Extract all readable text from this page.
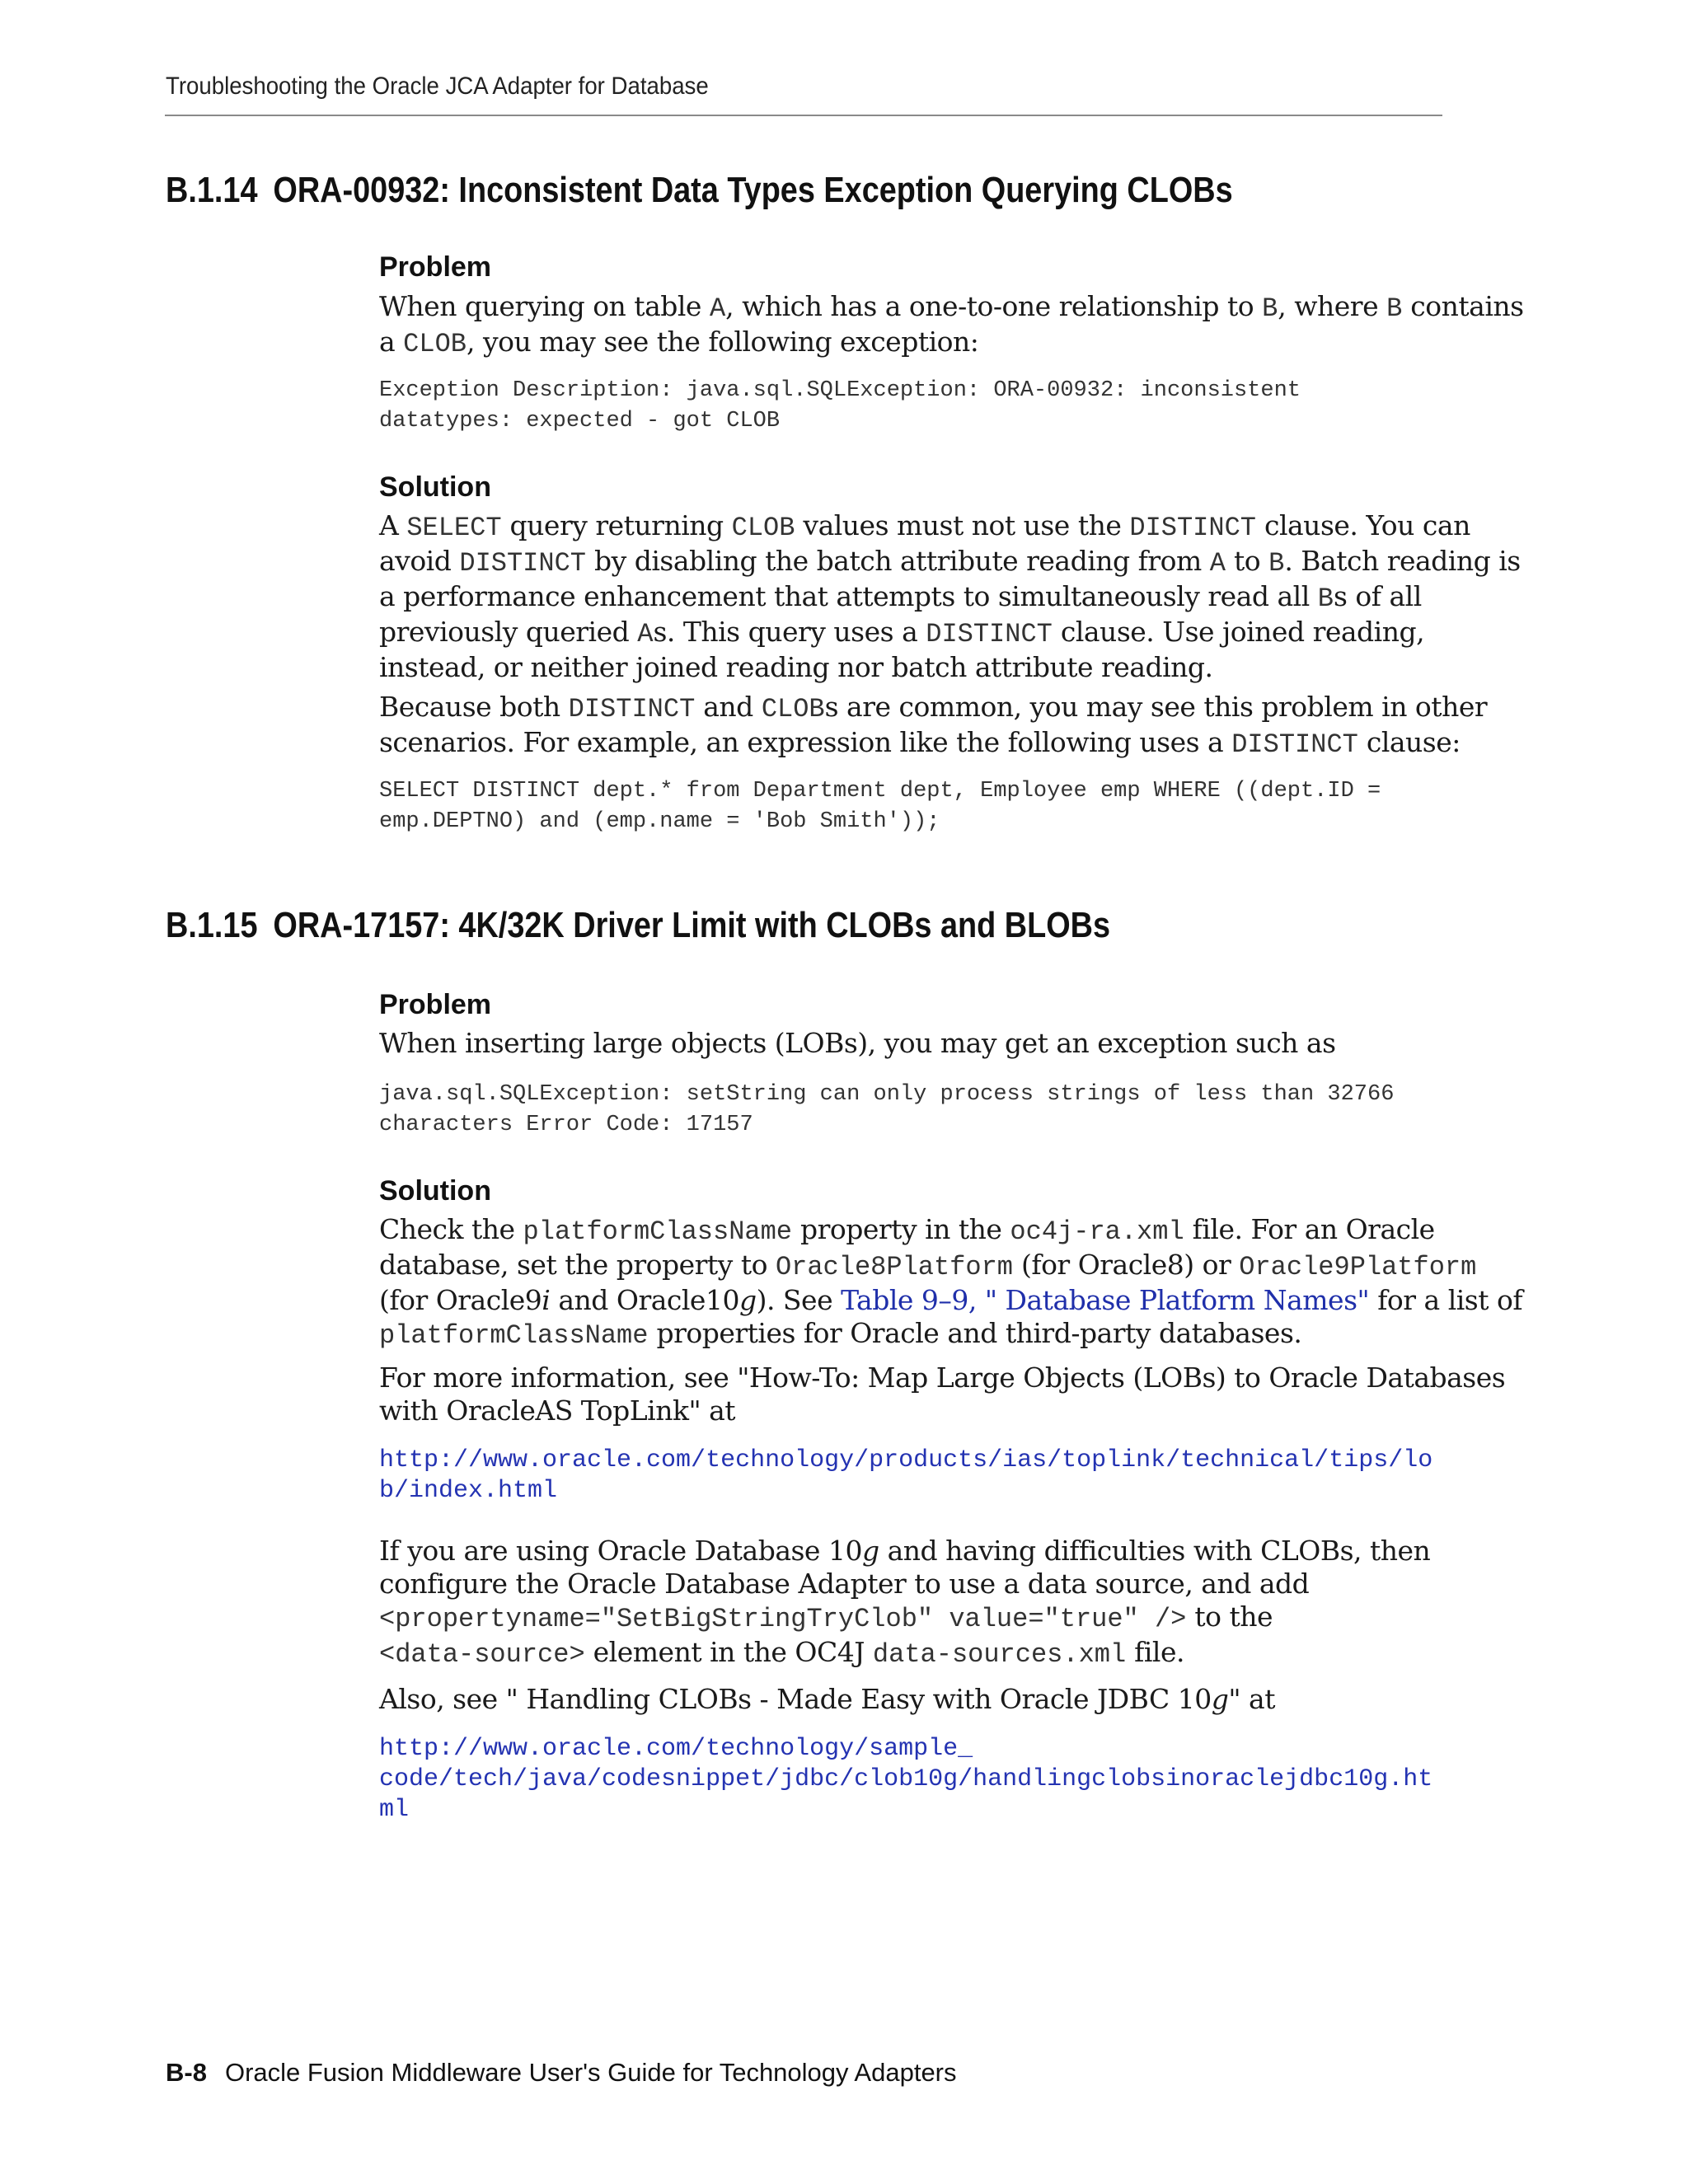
Troubleshooting the Oracle JCA Adapter for Database
B.1.14 ORA-00932: Inconsistent Data Types Exception Querying CLOBs
Problem
When querying on table A, which has a one-to-one relationship to B, where B contains
a CLOB, you may see the following exception:
Exception Description: java.sql.SQLException: ORA-00932: inconsistent
datatypes: expected - got CLOB
Solution
A SELECT query returning CLOB values must not use the DISTINCT clause. You can
avoid DISTINCT by disabling the batch attribute reading from A to B. Batch reading is
a performance enhancement that attempts to simultaneously read all Bs of all
previously queried As. This query uses a DISTINCT clause. Use joined reading,
instead, or neither joined reading nor batch attribute reading.
Because both DISTINCT and CLOBs are common, you may see this problem in other
scenarios. For example, an expression like the following uses a DISTINCT clause:
SELECT DISTINCT dept.* from Department dept, Employee emp WHERE ((dept.ID =
emp.DEPTNO) and (emp.name = 'Bob Smith'));
B.1.15 ORA-17157: 4K/32K Driver Limit with CLOBs and BLOBs
Problem
When inserting large objects (LOBs), you may get an exception such as
java.sql.SQLException: setString can only process strings of less than 32766
characters Error Code: 17157
Solution
Check the platformClassName property in the oc4j-ra.xml file. For an Oracle
database, set the property to Oracle8Platform (for Oracle8) or Oracle9Platform
(for Oracle9i and Oracle10g). See Table 9–9, " Database Platform Names" for a list of
platformClassName properties for Oracle and third-party databases.
For more information, see "How-To: Map Large Objects (LOBs) to Oracle Databases
with OracleAS TopLink" at
http://www.oracle.com/technology/products/ias/toplink/technical/tips/lo
b/index.html
If you are using Oracle Database 10g and having difficulties with CLOBs, then
configure the Oracle Database Adapter to use a data source, and add
<propertyname="SetBigStringTryClob" value="true" /> to the
<data-source> element in the OC4J data-sources.xml file.
Also, see " Handling CLOBs - Made Easy with Oracle JDBC 10g" at
http://www.oracle.com/technology/sample_
code/tech/java/codesnippet/jdbc/clob10g/handlingclobsinoraclejdbc10g.ht
ml
B-8 Oracle Fusion Middleware User's Guide for Technology Adapters
